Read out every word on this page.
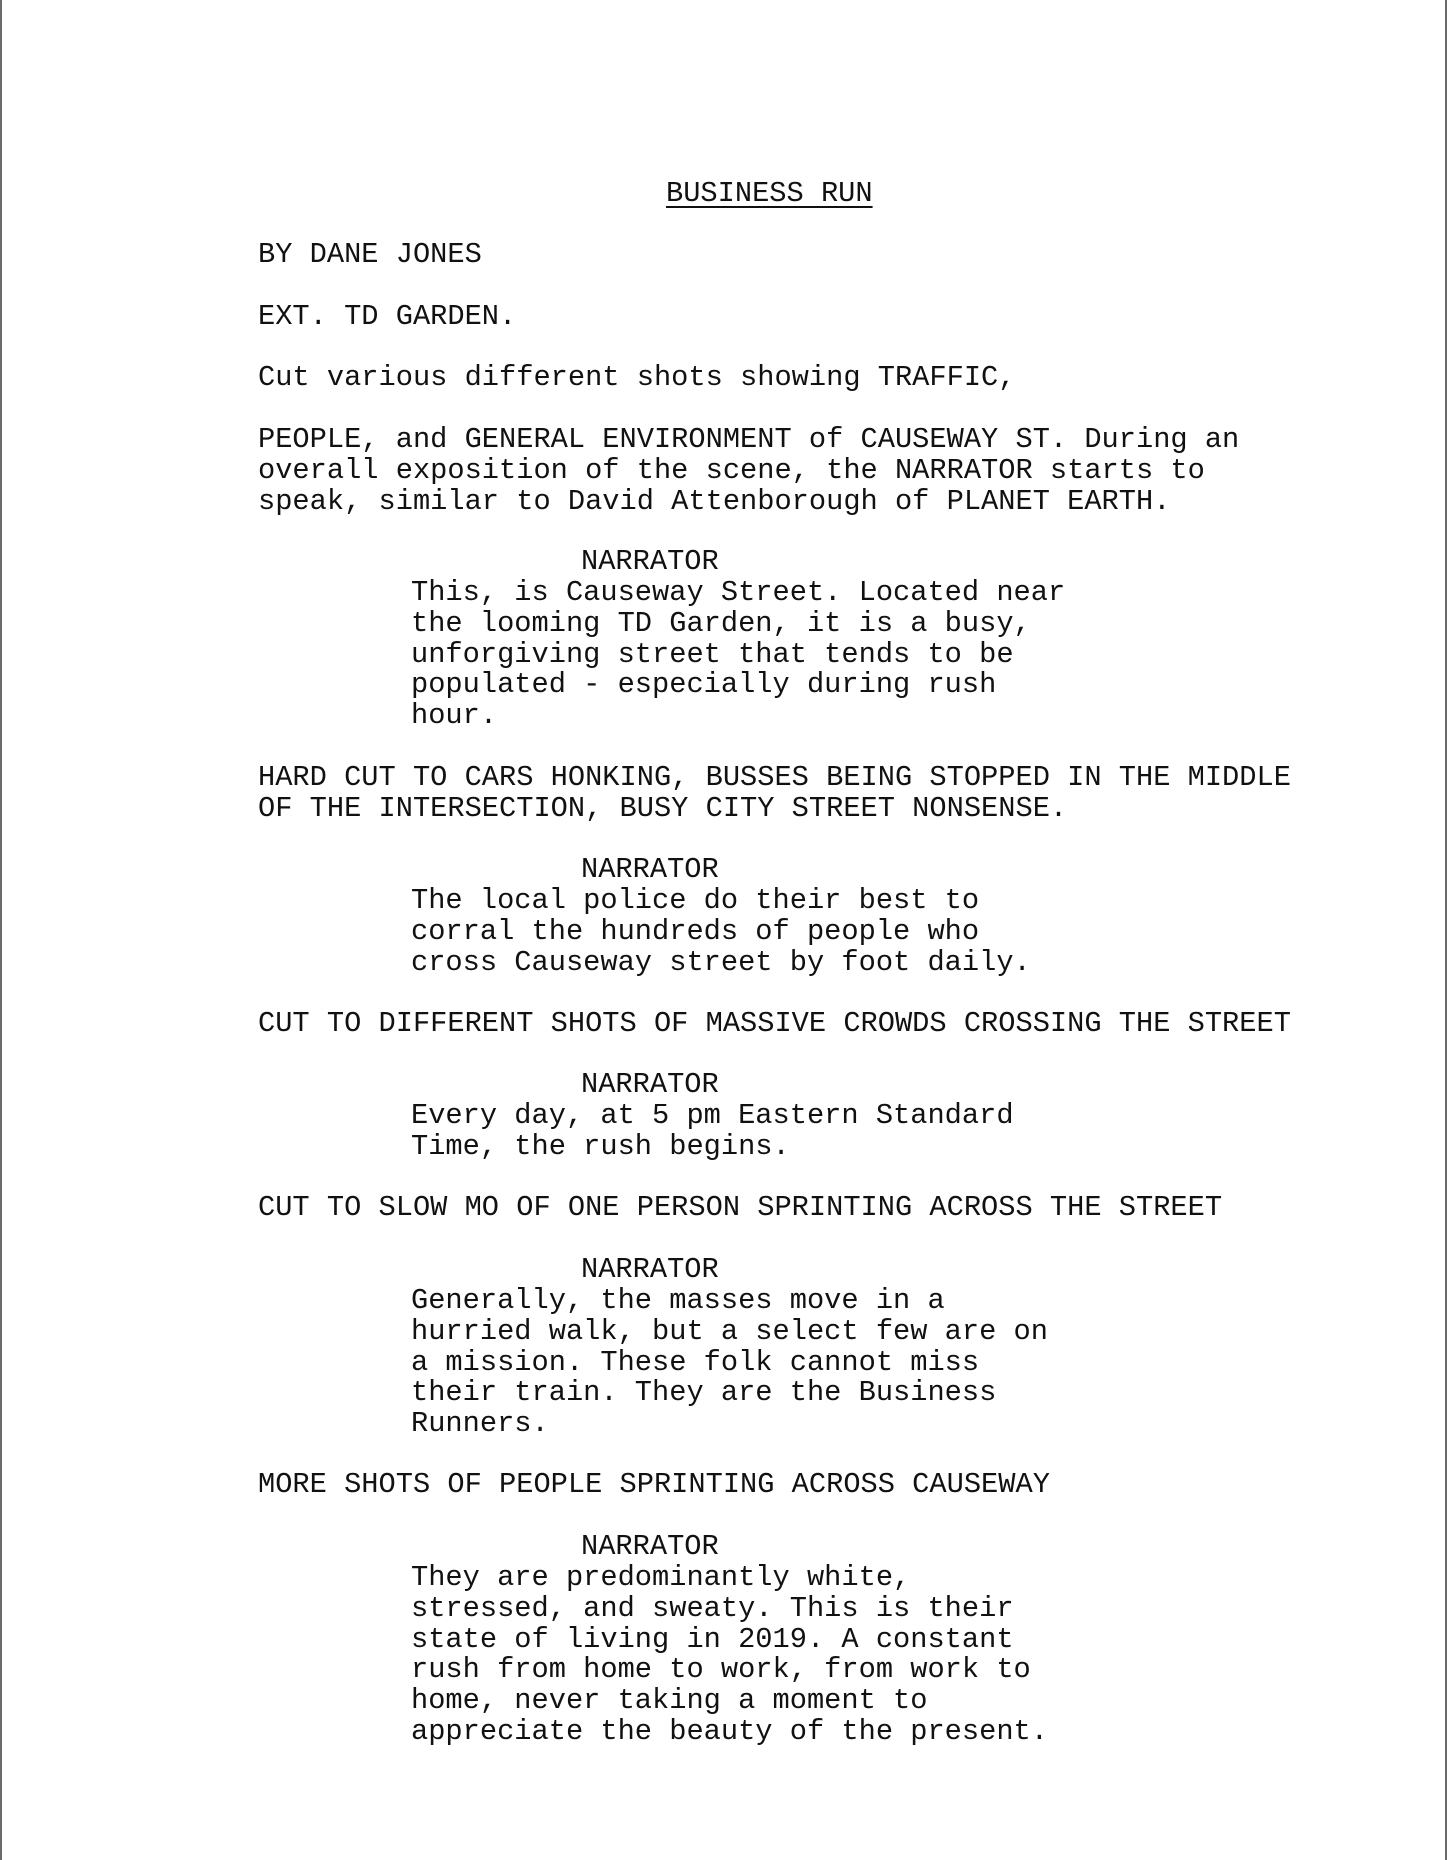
BUSINESS RUN
BY DANE JONES
EXT. TD GARDEN.
Cut various different shots showing TRAFFIC,
PEOPLE, and GENERAL ENVIRONMENT of CAUSEWAY ST. During an
overall exposition of the scene, the NARRATOR starts to
speak, similar to David Attenborough of PLANET EARTH.
NARRATOR
This, is Causeway Street. Located near
the looming TD Garden, it is a busy,
unforgiving street that tends to be
populated - especially during rush
hour.
HARD CUT TO CARS HONKING, BUSSES BEING STOPPED IN THE MIDDLE
OF THE INTERSECTION, BUSY CITY STREET NONSENSE.
NARRATOR
The local police do their best to
corral the hundreds of people who
cross Causeway street by foot daily.
CUT TO DIFFERENT SHOTS OF MASSIVE CROWDS CROSSING THE STREET
NARRATOR
Every day, at 5 pm Eastern Standard
Time, the rush begins.
CUT TO SLOW MO OF ONE PERSON SPRINTING ACROSS THE STREET
NARRATOR
Generally, the masses move in a
hurried walk, but a select few are on
a mission. These folk cannot miss
their train. They are the Business
Runners.
MORE SHOTS OF PEOPLE SPRINTING ACROSS CAUSEWAY
NARRATOR
They are predominantly white,
stressed, and sweaty. This is their
state of living in 2019. A constant
rush from home to work, from work to
home, never taking a moment to
appreciate the beauty of the present.
